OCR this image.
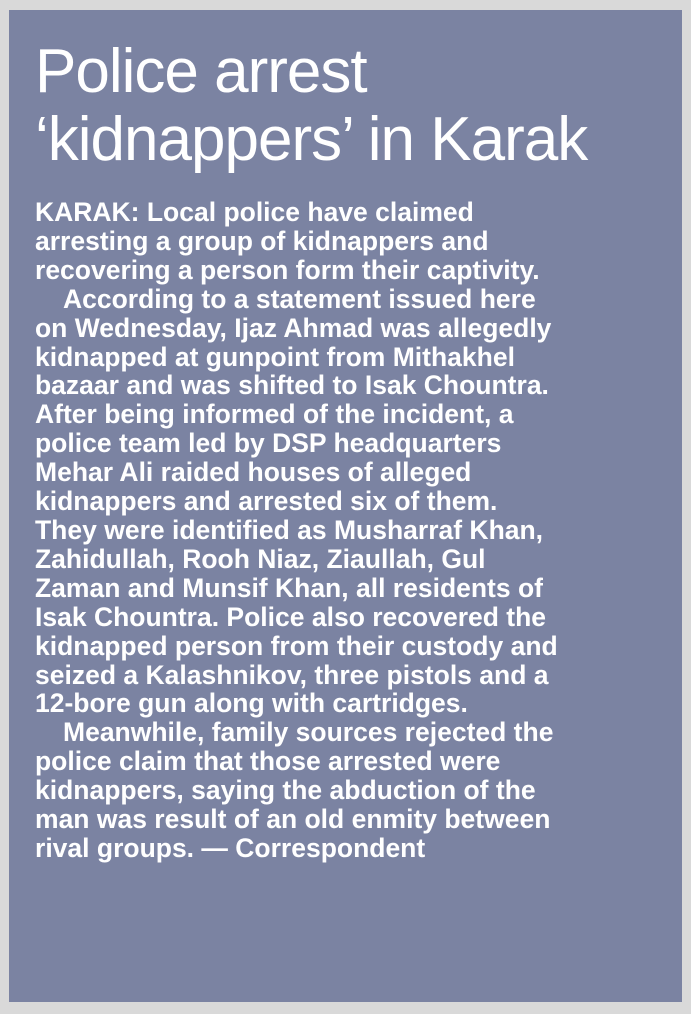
Police arrest
‘kidnappers’ in Karak
KARAK: Local police have claimed
arresting a group of kidnappers and
recovering a person form their captivity.
According to a statement issued here
on Wednesday, Ijaz Ahmad was allegedly
kidnapped at gunpoint from Mithakhel
bazaar and was shifted to Isak Chountra.
After being informed of the incident, a
police team led by DSP headquarters
Mehar Ali raided houses of alleged
kidnappers and arrested six of them.
They were identified as Musharraf Khan,
Zahidullah, Rooh Niaz, Ziaullah, Gul
Zaman and Munsif Khan, all residents of
Isak Chountra. Police also recovered the
kidnapped person from their custody and
seized a Kalashnikov, three pistols and a
12-bore gun along with cartridges.
Meanwhile, family sources rejected the
police claim that those arrested were
kidnappers, saying the abduction of the
man was result of an old enmity between
rival groups. — Correspondent
